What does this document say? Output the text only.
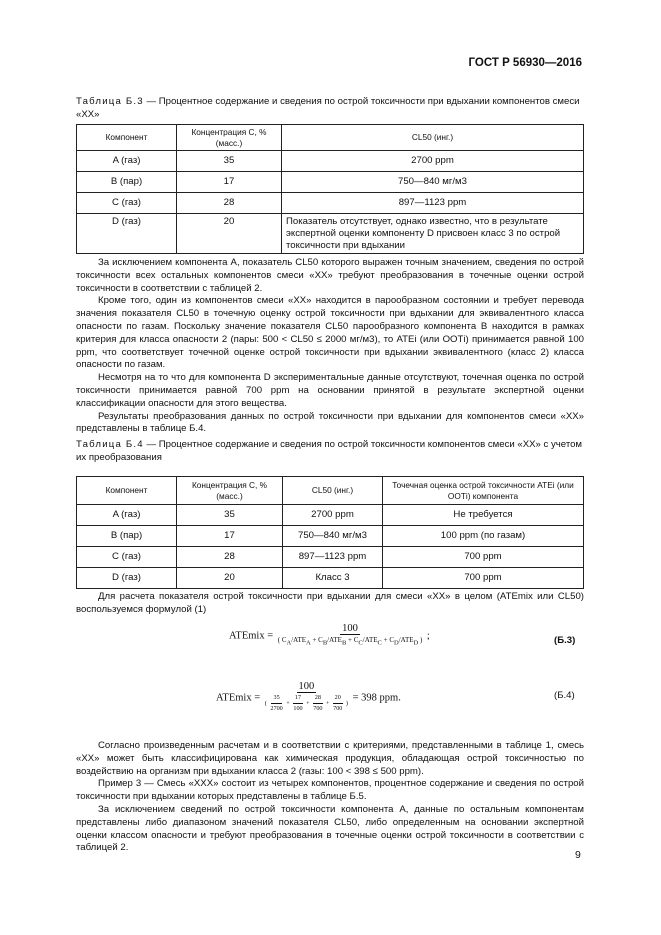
ГОСТ Р 56930—2016
Таблица Б.3 — Процентное содержание и сведения по острой токсичности при вдыхании компонентов смеси «XX»
Компонент	Концентрация C, % (масс.)	CL50 (инг.)
A (газ)	35	2700 ppm
B (пар)	17	750—840 мг/м3
C (газ)	28	897—1123 ppm
D (газ)	20	Показатель отсутствует, однако известно, что в результате экспертной оценки компоненту D присвоен класс 3 по острой токсичности при вдыхании

За исключением компонента A, показатель CL50 которого выражен точным значением, сведения по острой токсичности всех остальных компонентов смеси «XX» требуют преобразования в точечные оценки острой токсичности в соответствии с таблицей 2.

Кроме того, один из компонентов смеси «XX» находится в парообразном состоянии и требует перевода значения показателя CL50 в точечную оценку острой токсичности при вдыхании для эквивалентного класса опасности по газам. Поскольку значение показателя CL50 парообразного компонента B находится в рамках критерия для класса опасности 2 (пары: 500 < CL50 ≤ 2000 мг/м3), то ATEi (или ООТi) принимается равной 100 ppm, что соответствует точечной оценке острой токсичности при вдыхании эквивалентного (класс 2) класса опасности по газам.

Несмотря на то что для компонента D экспериментальные данные отсутствуют, точечная оценка по острой токсичности принимается равной 700 ppm на основании принятой в результате экспертной оценки классификации опасности для этого вещества.

Результаты преобразования данных по острой токсичности при вдыхании для компонентов смеси «XX» представлены в таблице Б.4.

Таблица Б.4 — Процентное содержание и сведения по острой токсичности компонентов смеси «XX» с учетом их преобразования
Компонент	Концентрация C, % (масс.)	CL50 (инг.)	Точечная оценка острой токсичности ATEi (или ООТi) компонента
A (газ)	35	2700 ppm	Не требуется
B (пар)	17	750—840 мг/м3	100 ppm (по газам)
C (газ)	28	897—1123 ppm	700 ppm
D (газ)	20	Класс 3	700 ppm

Для расчета показателя острой токсичности при вдыхании для смеси «XX» в целом (ATEmix или CL50) воспользуемся формулой (1)

ATEmix =
100
( $C_A/ATE_A + C_B/ATE_B + C_C/ATE_C + C_D/ATE_D$ ) ;	(Б.3)
ATEmix =
100
( $\frac{35}{2700} + \frac{17}{100} + \frac{28}{700} + \frac{20}{700}$ )
= 398 ppm.	(Б.4)

Согласно произведенным расчетам и в соответствии с критериями, представленными в таблице 1, смесь «XX» может быть классифицирована как химическая продукция, обладающая острой токсичностью по воздействию на организм при вдыхании класса 2 (газы: 100 < 398 ≤ 500 ppm).

Пример 3 — Смесь «XXX» состоит из четырех компонентов, процентное содержание и сведения по острой токсичности при вдыхании которых представлены в таблице Б.5.

За исключением сведений по острой токсичности компонента A, данные по остальным компонентам представлены либо диапазоном значений показателя CL50, либо определенным на основании экспертной оценки классом опасности и требуют преобразования в точечные оценки острой токсичности в соответствии с таблицей 2.

9
